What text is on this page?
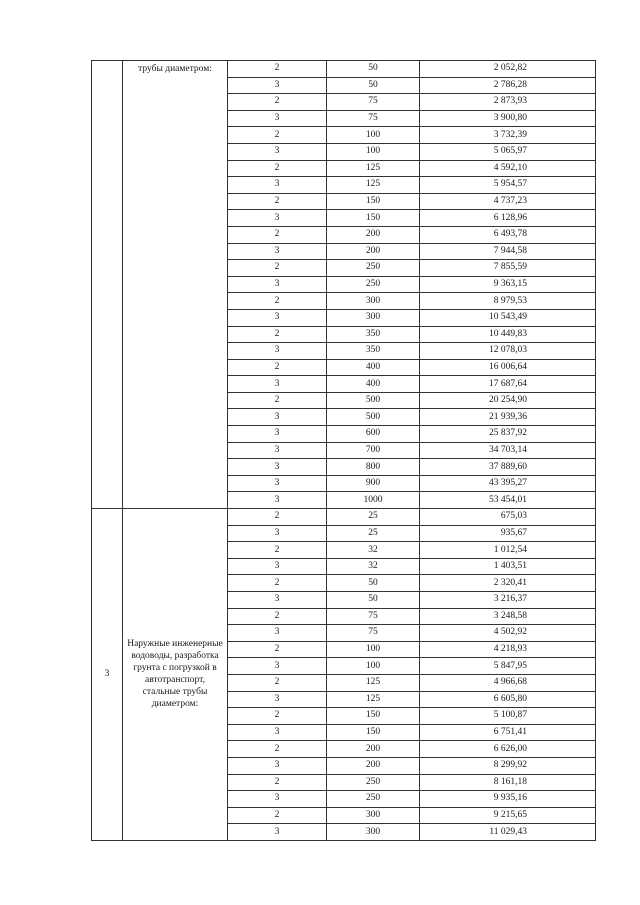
	трубы диаметром:	2	50	2 052,82
		3	50	2 786,28
		2	75	2 873,93
		3	75	3 900,80
		2	100	3 732,39
		3	100	5 065,97
		2	125	4 592,10
		3	125	5 954,57
		2	150	4 737,23
		3	150	6 128,96
		2	200	6 493,78
		3	200	7 944,58
		2	250	7 855,59
		3	250	9 363,15
		2	300	8 979,53
		3	300	10 543,49
		2	350	10 449,83
		3	350	12 078,03
		2	400	16 006,64
		3	400	17 687,64
		2	500	20 254,90
		3	500	21 939,36
		3	600	25 837,92
		3	700	34 703,14
		3	800	37 889,60
		3	900	43 395,27
		3	1000	53 454,01
3	Наружные инженерные водоводы, разработка грунта с погрузкой в автотранспорт, стальные трубы диаметром:	2	25	675,03
		3	25	935,67
		2	32	1 012,54
		3	32	1 403,51
		2	50	2 320,41
		3	50	3 216,37
		2	75	3 248,58
		3	75	4 502,92
		2	100	4 218,93
		3	100	5 847,95
		2	125	4 966,68
		3	125	6 605,80
		2	150	5 100,87
		3	150	6 751,41
		2	200	6 626,00
		3	200	8 299,92
		2	250	8 161,18
		3	250	9 935,16
		2	300	9 215,65
		3	300	11 029,43
